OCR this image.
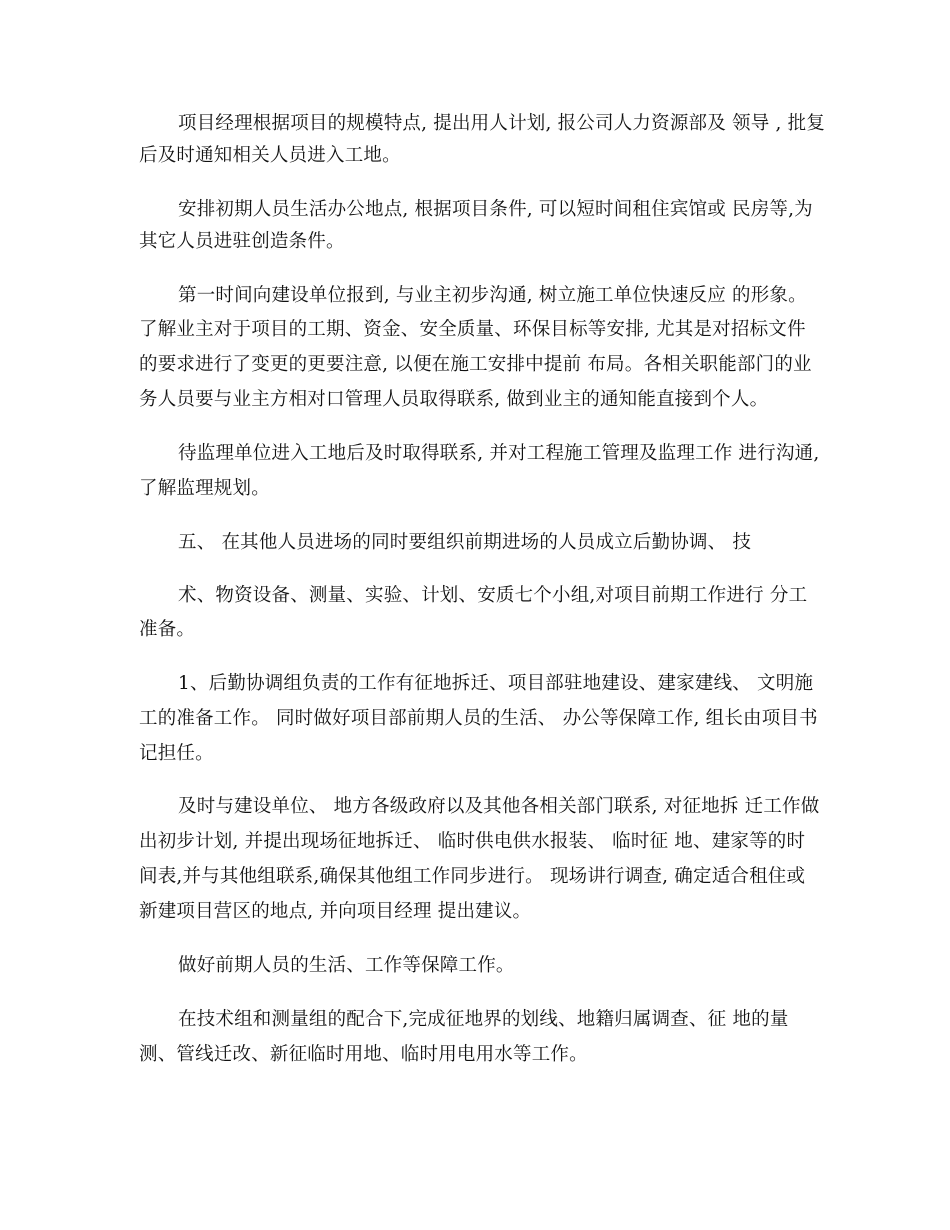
项目经理根据项目的规模特点, 提出用人计划, 报公司人力资源部及 领导 , 批复
后及时通知相关人员进入工地。
安排初期人员生活办公地点, 根据项目条件, 可以短时间租住宾馆或 民房等,为
其它人员进驻创造条件。
第一时间向建设单位报到, 与业主初步沟通, 树立施工单位快速反应 的形象。
了解业主对于项目的工期、资金、安全质量、环保目标等安排, 尤其是对招标文件
的要求进行了变更的更要注意, 以便在施工安排中提前 布局。各相关职能部门的业
务人员要与业主方相对口管理人员取得联系, 做到业主的通知能直接到个人。
待监理单位进入工地后及时取得联系, 并对工程施工管理及监理工作 进行沟通,
了解监理规划。
五、 在其他人员进场的同时要组织前期进场的人员成立后勤协调、 技
术、物资设备、测量、实验、计划、安质七个小组,对项目前期工作进行 分工
准备。
1、后勤协调组负责的工作有征地拆迁、项目部驻地建设、建家建线、 文明施
工的准备工作。 同时做好项目部前期人员的生活、 办公等保障工作, 组长由项目书
记担任。
及时与建设单位、 地方各级政府以及其他各相关部门联系, 对征地拆 迁工作做
出初步计划, 并提出现场征地拆迁、 临时供电供水报装、 临时征 地、建家等的时
间表,并与其他组联系,确保其他组工作同步进行。 现场讲行调查, 确定适合租住或
新建项目营区的地点, 并向项目经理 提出建议。
做好前期人员的生活、工作等保障工作。
在技术组和测量组的配合下,完成征地界的划线、地籍归属调查、征 地的量
测、管线迁改、新征临时用地、临时用电用水等工作。
